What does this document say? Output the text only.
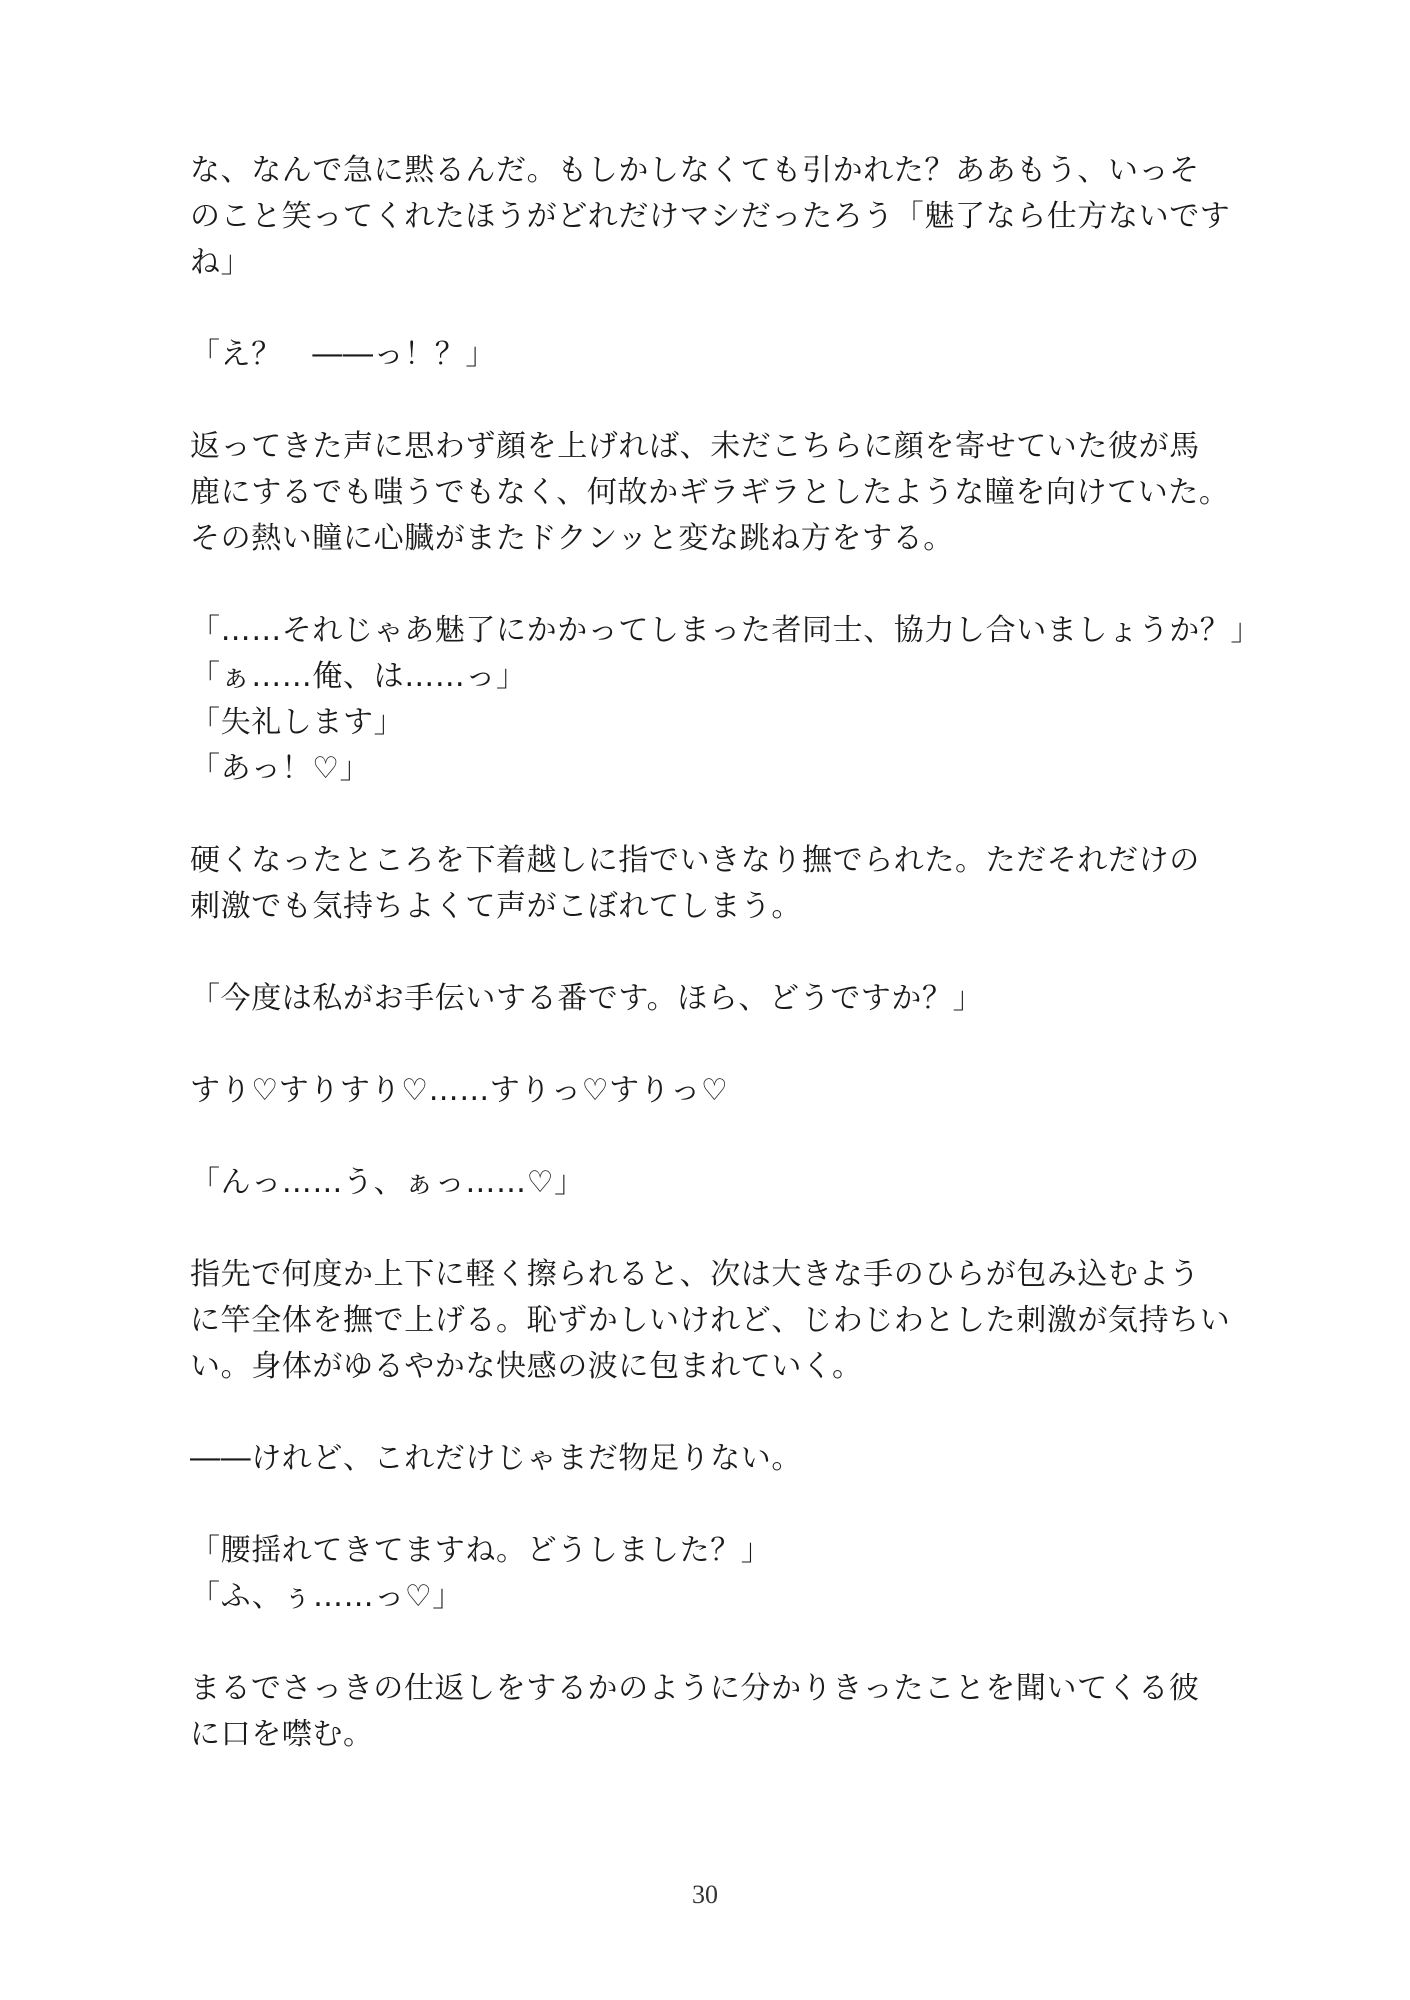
な、なんで急に黙るんだ。もしかしなくても引かれた？ああもう、いっそ
のこと笑ってくれたほうがどれだけマシだったろう「魅了なら仕方ないです
ね」
「え？　――っ！？」
返ってきた声に思わず顔を上げれば、未だこちらに顔を寄せていた彼が馬
鹿にするでも嗤うでもなく、何故かギラギラとしたような瞳を向けていた。
その熱い瞳に心臓がまたドクンッと変な跳ね方をする。
「……それじゃあ魅了にかかってしまった者同士、協力し合いましょうか？」
「ぁ……俺、は……っ」
「失礼します」
「あっ！♡」
硬くなったところを下着越しに指でいきなり撫でられた。ただそれだけの
刺激でも気持ちよくて声がこぼれてしまう。
「今度は私がお手伝いする番です。ほら、どうですか？」
すり♡すりすり♡……すりっ♡すりっ♡
「んっ……う、ぁっ……♡」
指先で何度か上下に軽く擦られると、次は大きな手のひらが包み込むよう
に竿全体を撫で上げる。恥ずかしいけれど、じわじわとした刺激が気持ちい
い。身体がゆるやかな快感の波に包まれていく。
――けれど、これだけじゃまだ物足りない。
「腰揺れてきてますね。どうしました？」
「ふ、ぅ……っ♡」
まるでさっきの仕返しをするかのように分かりきったことを聞いてくる彼
に口を噤む。
30
